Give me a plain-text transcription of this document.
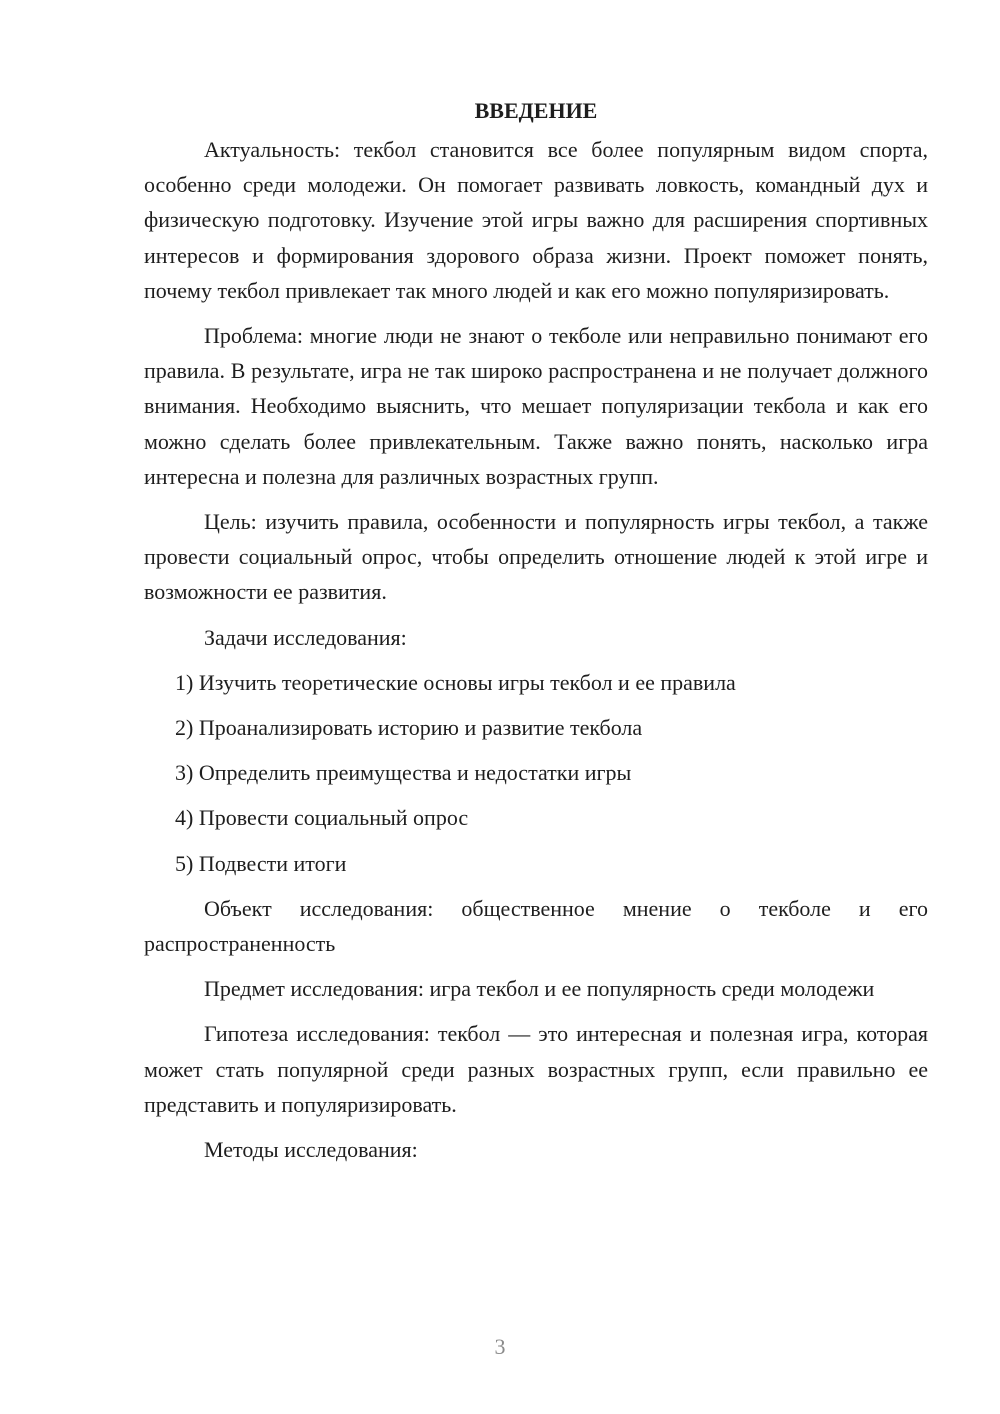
ВВЕДЕНИЕ

Актуальность: текбол становится все более популярным видом спорта, особенно среди молодежи. Он помогает развивать ловкость, командный дух и физическую подготовку. Изучение этой игры важно для расширения спортивных интересов и формирования здорового образа жизни. Проект поможет понять, почему текбол привлекает так много людей и как его можно популяризировать.

Проблема: многие люди не знают о текболе или неправильно понимают его правила. В результате, игра не так широко распространена и не получает должного внимания. Необходимо выяснить, что мешает популяризации текбола и как его можно сделать более привлекательным. Также важно понять, насколько игра интересна и полезна для различных возрастных групп.

Цель: изучить правила, особенности и популярность игры текбол, а также провести социальный опрос, чтобы определить отношение людей к этой игре и возможности ее развития.

Задачи исследования:

1) Изучить теоретические основы игры текбол и ее правила
2) Проанализировать историю и развитие текбола
3) Определить преимущества и недостатки игры
4) Провести социальный опрос
5) Подвести итоги

Объект исследования: общественное мнение о текболе и его распространенность

Предмет исследования: игра текбол и ее популярность среди молодежи

Гипотеза исследования: текбол — это интересная и полезная игра, которая может стать популярной среди разных возрастных групп, если правильно ее представить и популяризировать.

Методы исследования:

3
